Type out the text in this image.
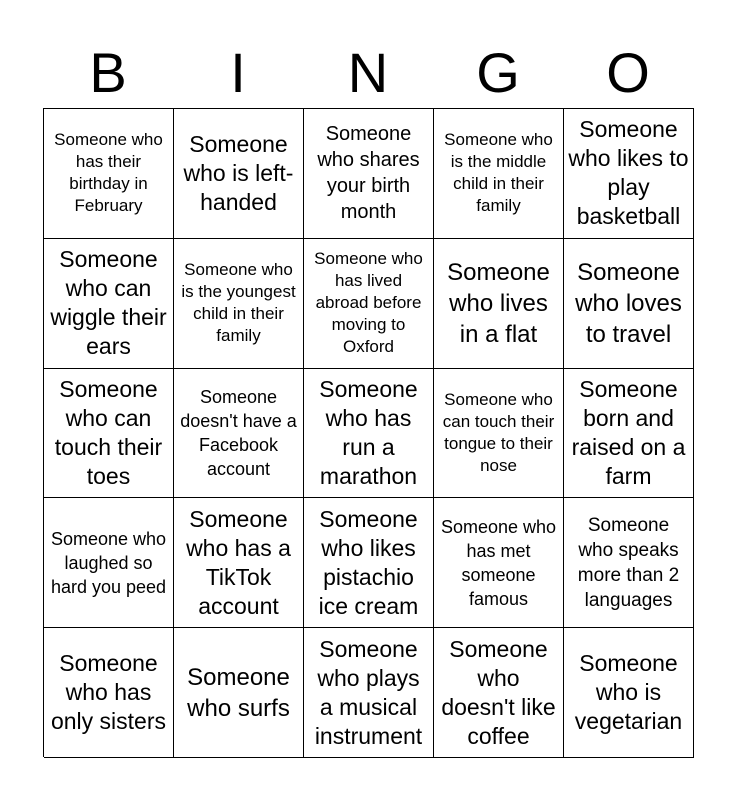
B	I	N	G	O
Someone who has their birthday in February
Someone who is left-handed
Someone who shares your birth month
Someone who is the middle child in their family
Someone who likes to play basketball
Someone who can wiggle their ears
Someone who is the youngest child in their family
Someone who has lived abroad before moving to Oxford
Someone who lives in a flat
Someone who loves to travel
Someone who can touch their toes
Someone doesn't have a Facebook account
Someone who has run a marathon
Someone who can touch their tongue to their nose
Someone born and raised on a farm
Someone who laughed so hard you peed
Someone who has a TikTok account
Someone who likes pistachio ice cream
Someone who has met someone famous
Someone who speaks more than 2 languages
Someone who has only sisters
Someone who surfs
Someone who plays a musical instrument
Someone who doesn't like coffee
Someone who is vegetarian
